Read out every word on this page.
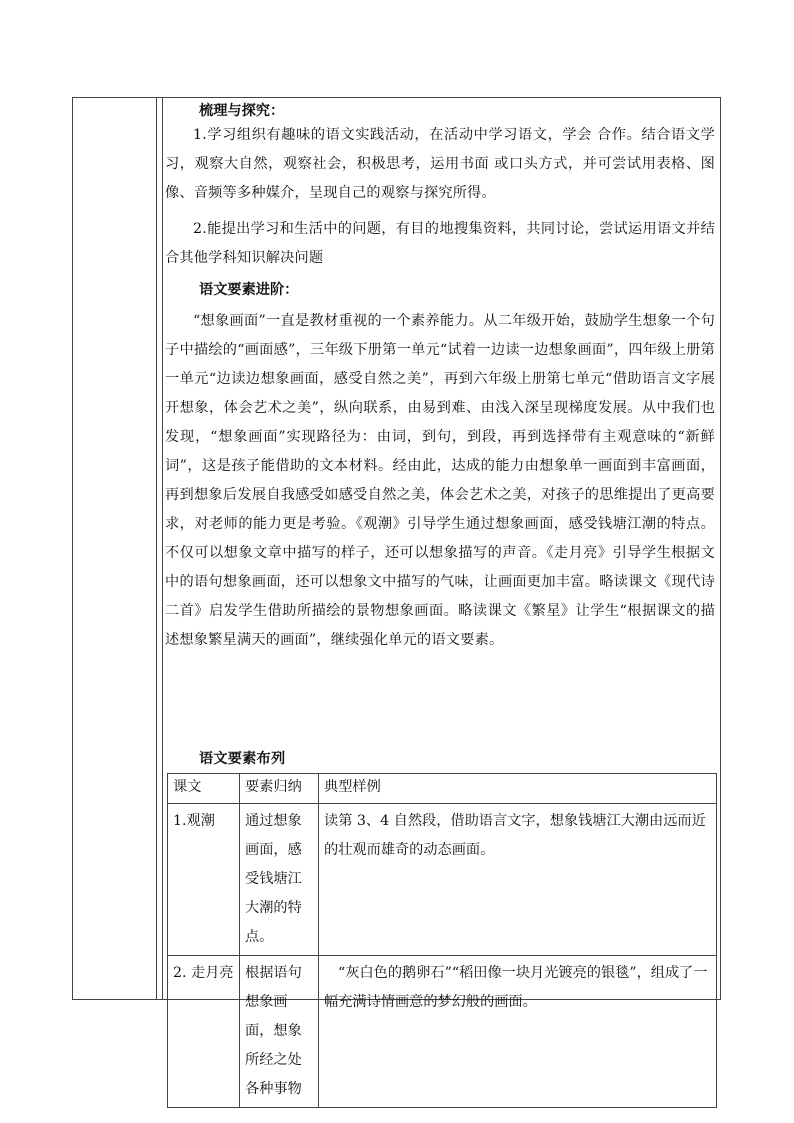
梳理与探究：

1.学习组织有趣味的语文实践活动，在活动中学习语文，学会 合作。结合语文学习，观察大自然，观察社会，积极思考，运用书面 或口头方式，并可尝试用表格、图像、音频等多种媒介，呈现自己的观察与探究所得。

2.能提出学习和生活中的问题，有目的地搜集资料，共同讨论，尝试运用语文并结合其他学科知识解决问题

语文要素进阶：

“想象画面”一直是教材重视的一个素养能力。从二年级开始，鼓励学生想象一个句子中描绘的“画面感”，三年级下册第一单元“试着一边读一边想象画面”，四年级上册第一单元“边读边想象画面，感受自然之美”，再到六年级上册第七单元“借助语言文字展开想象，体会艺术之美”，纵向联系，由易到难、由浅入深呈现梯度发展。从中我们也发现，“想象画面”实现路径为：由词，到句，到段，再到选择带有主观意味的“新鲜词”，这是孩子能借助的文本材料。经由此，达成的能力由想象单一画面到丰富画面，再到想象后发展自我感受如感受自然之美，体会艺术之美，对孩子的思维提出了更高要求，对老师的能力更是考验。《观潮》引导学生通过想象画面，感受钱塘江潮的特点。不仅可以想象文章中描写的样子，还可以想象描写的声音。《走月亮》引导学生根据文中的语句想象画面，还可以想象文中描写的气味，让画面更加丰富。略读课文《现代诗二首》启发学生借助所描绘的景物想象画面。略读课文《繁星》让学生“根据课文的描述想象繁星满天的画面”，继续强化单元的语文要素。

语文要素布列

课文	要素归纳	典型样例
1.观潮	通过想象画面，感受钱塘江大潮的特点。	读第 3、4 自然段，借助语言文字，想象钱塘江大潮由远而近的壮观而雄奇的动态画面。
2. 走月亮	根据语句想象画面，想象所经之处各种事物	“灰白色的鹅卵石”“稻田像一块月光镀亮的银毯”，组成了一幅充满诗情画意的梦幻般的画面。
